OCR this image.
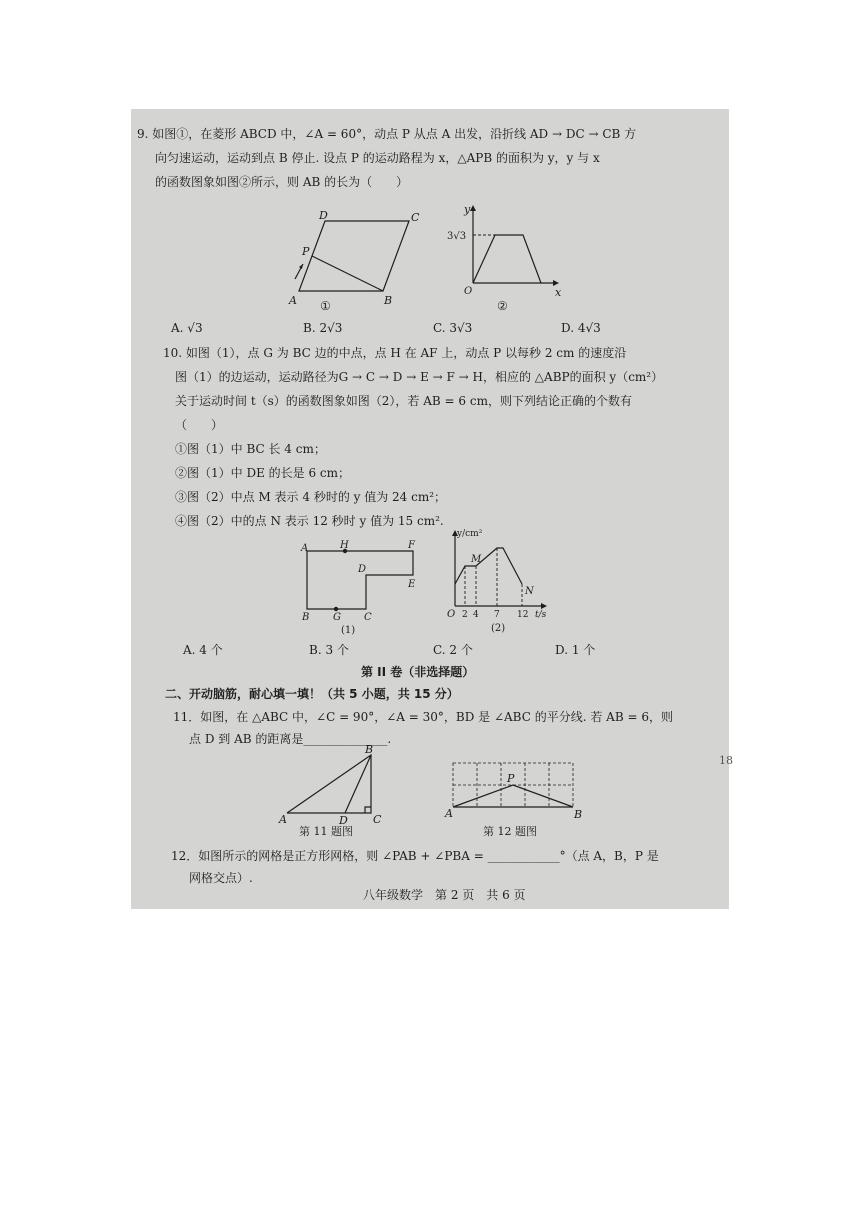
9. 如图①，在菱形 ABCD 中，∠A = 60°，动点 P 从点 A 出发，沿折线 AD → DC → CB 方
向匀速运动，运动到点 B 停止. 设点 P 的运动路程为 x，△APB 的面积为 y，y 与 x
的函数图象如图②所示，则 AB 的长为（　　）
A	B
C
D
P
①
y
x
O
3√3
②
A. √3	B. 2√3	C. 3√3	D. 4√3
10. 如图（1），点 G 为 BC 边的中点，点 H 在 AF 上，动点 P 以每秒 2 cm 的速度沿
图（1）的边运动，运动路径为G → C → D → E → F → H，相应的 △ABP的面积 y（cm²）
关于运动时间 t（s）的函数图象如图（2），若 AB = 6 cm，则下列结论正确的个数有
（　　）
①图（1）中 BC 长 4 cm；
②图（1）中 DE 的长是 6 cm；
③图（2）中点 M 表示 4 秒时的 y 值为 24 cm²；
④图（2）中的点 N 表示 12 秒时 y 值为 15 cm².
A	H	F
D
E
B G C
(1)
y/cm²
M
N
O 2 4 7 12 t/s
(2)
A. 4 个	B. 3 个	C. 2 个	D. 1 个
第 II 卷（非选择题）
二、开动脑筋，耐心填一填！（共 5 小题，共 15 分）
11．如图，在 △ABC 中，∠C = 90°，∠A = 30°，BD 是 ∠ABC 的平分线. 若 AB = 6，则
点 D 到 AB 的距离是______________.
A
B
C
D
第 11 题图
A	B
P
第 12 题图
12．如图所示的网格是正方形网格，则 ∠PAB + ∠PBA = ____________°（点 A，B，P 是
网格交点）.
八年级数学　第 2 页　共 6 页
18
